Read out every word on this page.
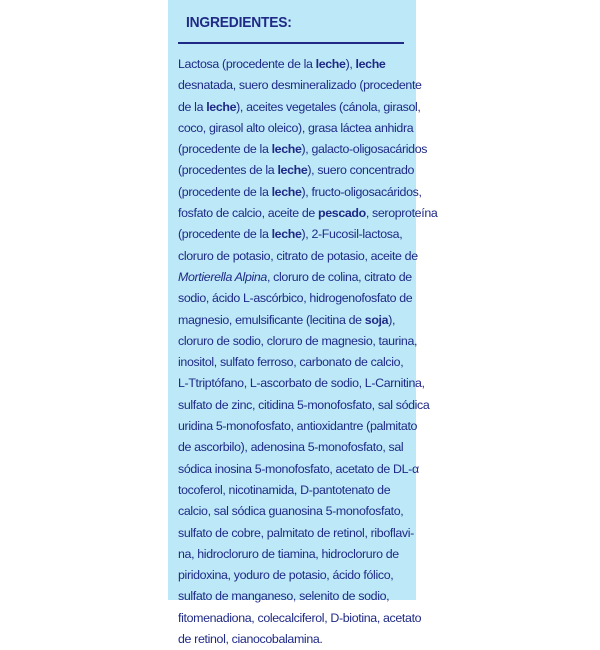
INGREDIENTES:
Lactosa (procedente de la leche), leche
desnatada, suero desmineralizado (procedente
de la leche), aceites vegetales (cánola, girasol,
coco, girasol alto oleico), grasa láctea anhidra
(procedente de la leche), galacto-oligosacáridos
(procedentes de la leche), suero concentrado
(procedente de la leche), fructo-oligosacáridos,
fosfato de calcio, aceite de pescado, seroproteína
(procedente de la leche), 2-Fucosil-lactosa,
cloruro de potasio, citrato de potasio, aceite de
Mortierella Alpina, cloruro de colina, citrato de
sodio, ácido L-ascórbico, hidrogenofosfato de
magnesio, emulsificante (lecitina de soja),
cloruro de sodio, cloruro de magnesio, taurina,
inositol, sulfato ferroso, carbonato de calcio,
L-Ttriptófano, L-ascorbato de sodio, L-Carnitina,
sulfato de zinc, citidina 5-monofosfato, sal sódica
uridina 5-monofosfato, antioxidantre (palmitato
de ascorbilo), adenosina 5-monofosfato, sal
sódica inosina 5-monofosfato, acetato de DL-α
tocoferol, nicotinamida, D-pantotenato de
calcio, sal sódica guanosina 5-monofosfato,
sulfato de cobre, palmitato de retinol, riboflavi-
na, hidrocloruro de tiamina, hidrocloruro de
piridoxina, yoduro de potasio, ácido fólico,
sulfato de manganeso, selenito de sodio,
fitomenadiona, colecalciferol, D-biotina, acetato
de retinol, cianocobalamina.
